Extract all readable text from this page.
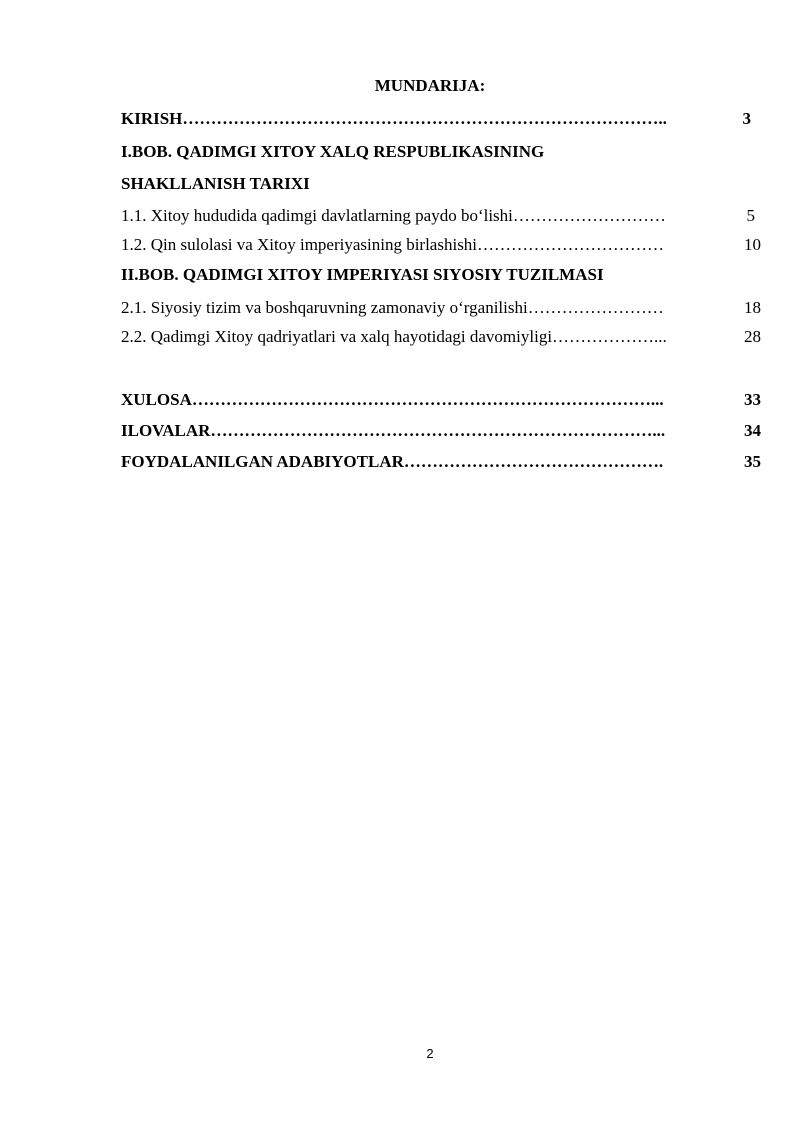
MUNDARIJA:
KIRISH…………………………………………………………………………..	3
I.BOB. QADIMGI XITOY XALQ RESPUBLIKASINING
SHAKLLANISH TARIXI
1.1. Xitoy hududida qadimgi davlatlarning paydo boʻlishi………………………	5
1.2. Qin sulolasi va Xitoy imperiyasining birlashishi……………………………	10
II.BOB. QADIMGI XITOY IMPERIYASI SIYOSIY TUZILMASI
2.1. Siyosiy tizim va boshqaruvning zamonaviy oʻrganilishi……………………	18
2.2. Qadimgi Xitoy qadriyatlari va xalq hayotidagi davomiyligi………………...	28
XULOSA………………………………………………………………………...	33
ILOVALAR……………………………………………………………………...	34
FOYDALANILGAN ADABIYOTLAR……………………………………….	35
2
